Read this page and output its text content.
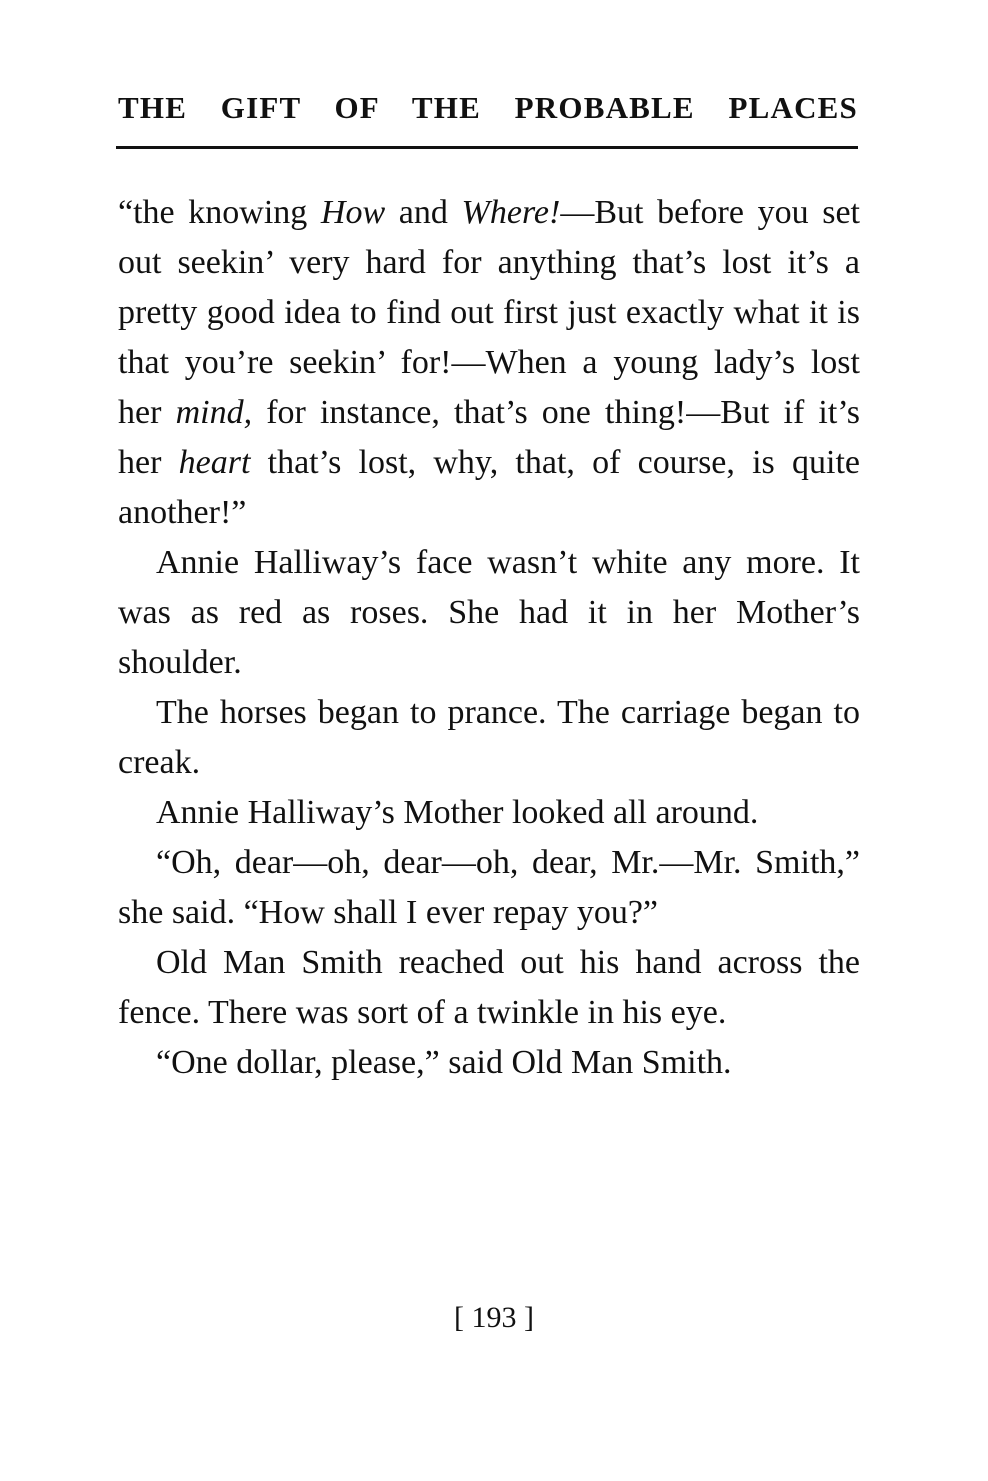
THE GIFT OF THE PROBABLE PLACES

“the knowing How and Where!—But before you set out seekin’ very hard for anything that’s lost it’s a pretty good idea to find out first just exactly what it is that you’re seekin’ for!—When a young lady’s lost her mind, for instance, that’s one thing!—But if it’s her heart that’s lost, why, that, of course, is quite another!”

Annie Halliway’s face wasn’t white any more. It was as red as roses. She had it in her Mother’s shoulder.

The horses began to prance. The carriage began to creak.

Annie Halliway’s Mother looked all around.

“Oh, dear—oh, dear—oh, dear, Mr.—Mr. Smith,” she said. “How shall I ever repay you?”

Old Man Smith reached out his hand across the fence. There was sort of a twinkle in his eye.

“One dollar, please,” said Old Man Smith.

[ 193 ]
